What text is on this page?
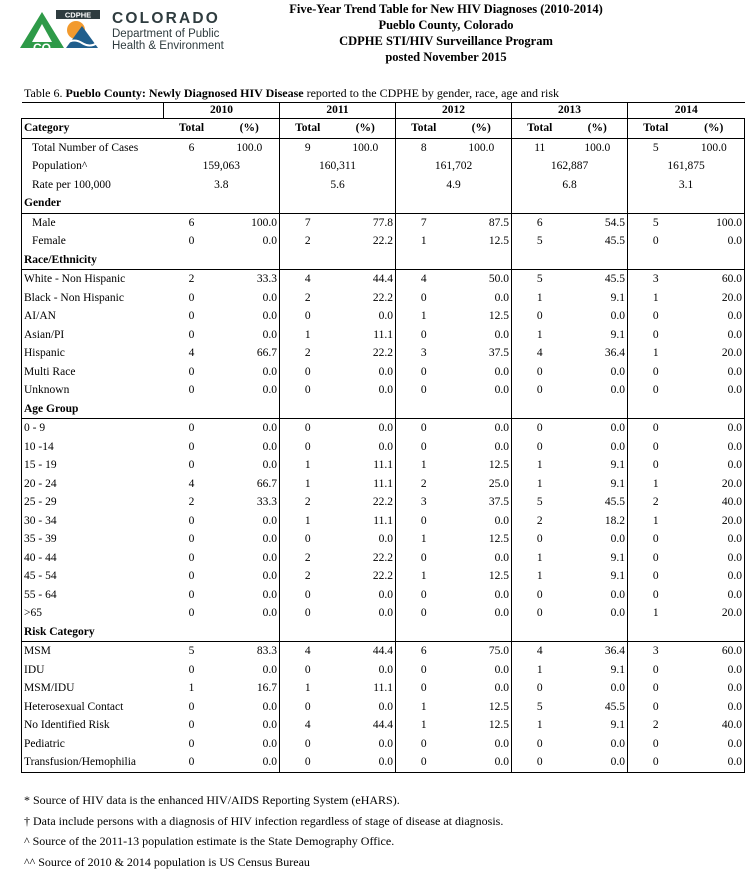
CDPHE
CO
COLORADO
Department of Public
Health & Environment
Five-Year Trend Table for New HIV Diagnoses (2010-2014)
Pueblo County, Colorado
CDPHE STI/HIV Surveillance Program
posted November 2015
Table 6. Pueblo County: Newly Diagnosed HIV Disease reported to the CDPHE by gender, race, age and risk
	2010		2011		2012		2013		2014	
Category	Total	(%)	Total	(%)	Total	(%)	Total	(%)	Total	(%)
Total Number of Cases	6	100.0	9	100.0	8	100.0	11	100.0	5	100.0
Population^	159,063		160,311		161,702		162,887		161,875	
Rate per 100,000	3.8		5.6		4.9		6.8		3.1	
Gender										
Male	6	100.0	7	77.8	7	87.5	6	54.5	5	100.0
Female	0	0.0	2	22.2	1	12.5	5	45.5	0	0.0
Race/Ethnicity										
White - Non Hispanic	2	33.3	4	44.4	4	50.0	5	45.5	3	60.0
Black - Non Hispanic	0	0.0	2	22.2	0	0.0	1	9.1	1	20.0
AI/AN	0	0.0	0	0.0	1	12.5	0	0.0	0	0.0
Asian/PI	0	0.0	1	11.1	0	0.0	1	9.1	0	0.0
Hispanic	4	66.7	2	22.2	3	37.5	4	36.4	1	20.0
Multi Race	0	0.0	0	0.0	0	0.0	0	0.0	0	0.0
Unknown	0	0.0	0	0.0	0	0.0	0	0.0	0	0.0
Age Group										
0 - 9	0	0.0	0	0.0	0	0.0	0	0.0	0	0.0
10 -14	0	0.0	0	0.0	0	0.0	0	0.0	0	0.0
15 - 19	0	0.0	1	11.1	1	12.5	1	9.1	0	0.0
20 - 24	4	66.7	1	11.1	2	25.0	1	9.1	1	20.0
25 - 29	2	33.3	2	22.2	3	37.5	5	45.5	2	40.0
30 - 34	0	0.0	1	11.1	0	0.0	2	18.2	1	20.0
35 - 39	0	0.0	0	0.0	1	12.5	0	0.0	0	0.0
40 - 44	0	0.0	2	22.2	0	0.0	1	9.1	0	0.0
45 - 54	0	0.0	2	22.2	1	12.5	1	9.1	0	0.0
55 - 64	0	0.0	0	0.0	0	0.0	0	0.0	0	0.0
>65	0	0.0	0	0.0	0	0.0	0	0.0	1	20.0
Risk Category										
MSM	5	83.3	4	44.4	6	75.0	4	36.4	3	60.0
IDU	0	0.0	0	0.0	0	0.0	1	9.1	0	0.0
MSM/IDU	1	16.7	1	11.1	0	0.0	0	0.0	0	0.0
Heterosexual Contact	0	0.0	0	0.0	1	12.5	5	45.5	0	0.0
No Identified Risk	0	0.0	4	44.4	1	12.5	1	9.1	2	40.0
Pediatric	0	0.0	0	0.0	0	0.0	0	0.0	0	0.0
Transfusion/Hemophilia	0	0.0	0	0.0	0	0.0	0	0.0	0	0.0
* Source of HIV data is the enhanced HIV/AIDS Reporting System (eHARS).
† Data include persons with a diagnosis of HIV infection regardless of stage of disease at diagnosis.
^ Source of the 2011-13 population estimate is the State Demography Office.
^^ Source of 2010 & 2014 population is US Census Bureau
